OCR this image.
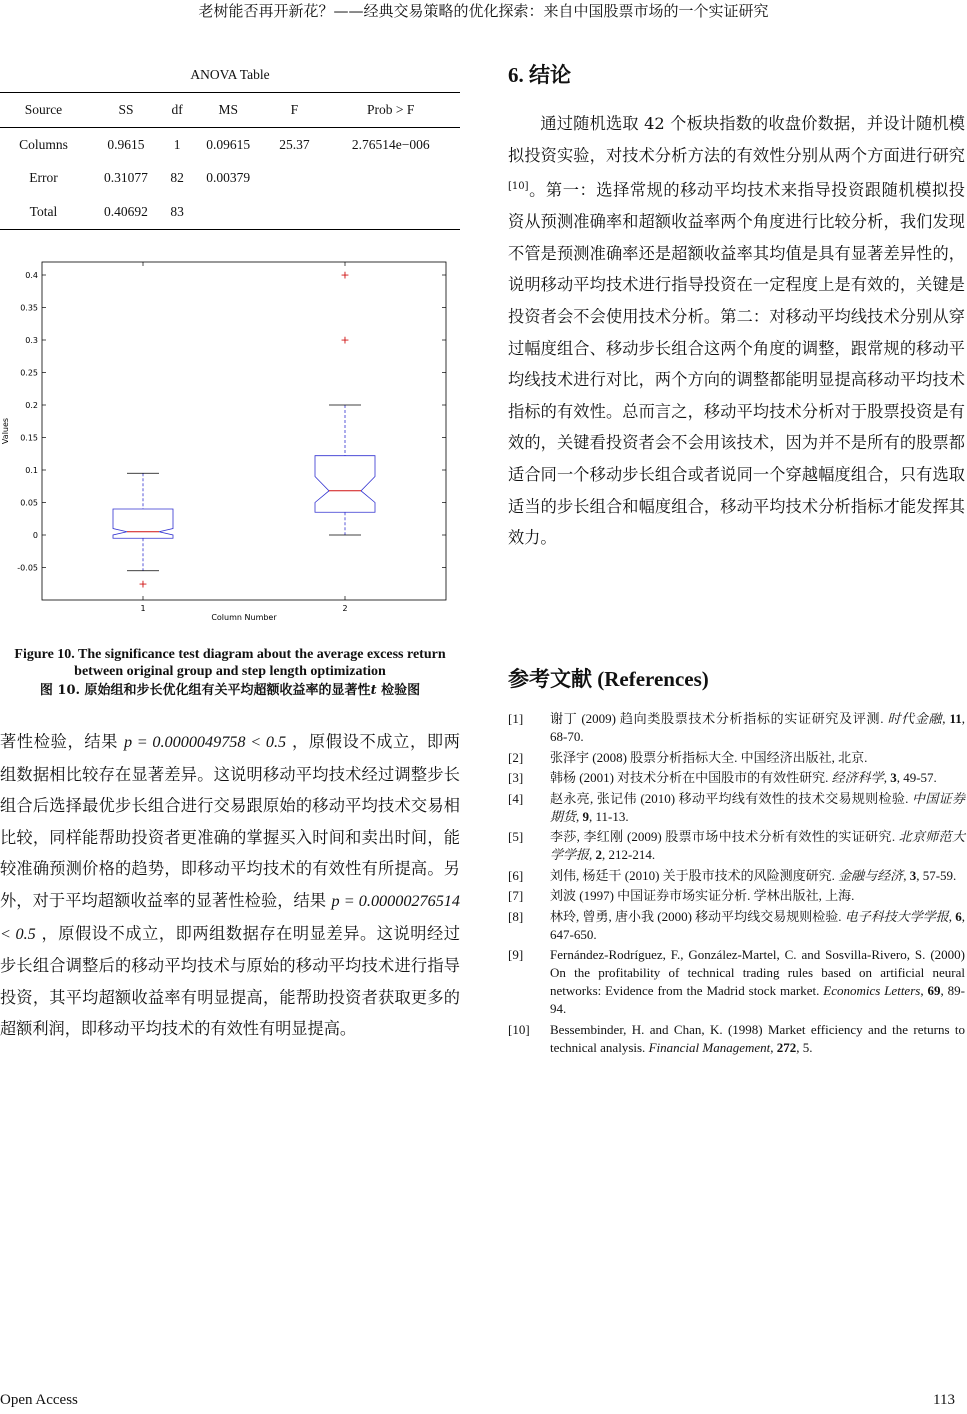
老树能否再开新花？——经典交易策略的优化探索：来自中国股票市场的一个实证研究
ANOVA Table					
Source	SS	df	MS	F	Prob > F
Columns	0.9615	1	0.09615	25.37	2.76514e−006
Error	0.31077	82	0.00379		
Total	0.40692	83			
0.4
0.35
0.3
0.25
0.2
0.15
0.1
0.05
0
-0.05
1	2
+
+
+
Values
Column Number
Figure 10. The significance test diagram about the average excess return between original group and step length optimization
图 10. 原始组和步长优化组有关平均超额收益率的显著性t 检验图

著性检验，结果 p = 0.0000049758 < 0.5 ，原假设不成立，即两组数据相比较存在显著差异。这说明移动平均技术经过调整步长组合后选择最优步长组合进行交易跟原始的移动平均技术交易相比较，同样能帮助投资者更准确的掌握买入时间和卖出时间，能较准确预测价格的趋势，即移动平均技术的有效性有所提高。另外，对于平均超额收益率的显著性检验，结果 p = 0.00000276514 < 0.5 ，原假设不成立，即两组数据存在明显差异。这说明经过步长组合调整后的移动平均技术与原始的移动平均技术进行指导投资，其平均超额收益率有明显提高，能帮助投资者获取更多的超额利润，即移动平均技术的有效性有明显提高。

6. 结论

通过随机选取 42 个板块指数的收盘价数据，并设计随机模拟投资实验，对技术分析方法的有效性分别从两个方面进行研究[10]。第一：选择常规的移动平均技术来指导投资跟随机模拟投资从预测准确率和超额收益率两个角度进行比较分析，我们发现不管是预测准确率还是超额收益率其均值是具有显著差异性的，说明移动平均技术进行指导投资在一定程度上是有效的，关键是投资者会不会使用技术分析。第二：对移动平均线技术分别从穿过幅度组合、移动步长组合这两个角度的调整，跟常规的移动平均线技术进行对比，两个方向的调整都能明显提高移动平均技术指标的有效性。总而言之，移动平均技术分析对于股票投资是有效的，关键看投资者会不会用该技术，因为并不是所有的股票都适合同一个移动步长组合或者说同一个穿越幅度组合，只有选取适当的步长组合和幅度组合，移动平均技术分析指标才能发挥其效力。

参考文献 (References)
[1]	谢丁 (2009) 趋向类股票技术分析指标的实证研究及评测. 时代金融, 11, 68-70.
[2]	张泽宇 (2008) 股票分析指标大全. 中国经济出版社, 北京.
[3]	韩杨 (2001) 对技术分析在中国股市的有效性研究. 经济科学, 3, 49-57.
[4]	赵永亮, 张记伟 (2010) 移动平均线有效性的技术交易规则检验. 中国证券期货, 9, 11-13.
[5]	李莎, 李红刚 (2009) 股票市场中技术分析有效性的实证研究. 北京师范大学学报, 2, 212-214.
[6]	刘伟, 杨廷干 (2010) 关于股市技术的风险测度研究. 金融与经济, 3, 57-59.
[7]	刘波 (1997) 中国证券市场实证分析. 学林出版社, 上海.
[8]	林玲, 曾勇, 唐小我 (2000) 移动平均线交易规则检验. 电子科技大学学报, 6, 647-650.
[9]	Fernández-Rodríguez, F., González-Martel, C. and Sosvilla-Rivero, S. (2000) On the profitability of technical trading rules based on artificial neural networks: Evidence from the Madrid stock market. Economics Letters, 69, 89-94.
[10]	Bessembinder, H. and Chan, K. (1998) Market efficiency and the returns to technical analysis. Financial Management, 272, 5.
Open Access	113
